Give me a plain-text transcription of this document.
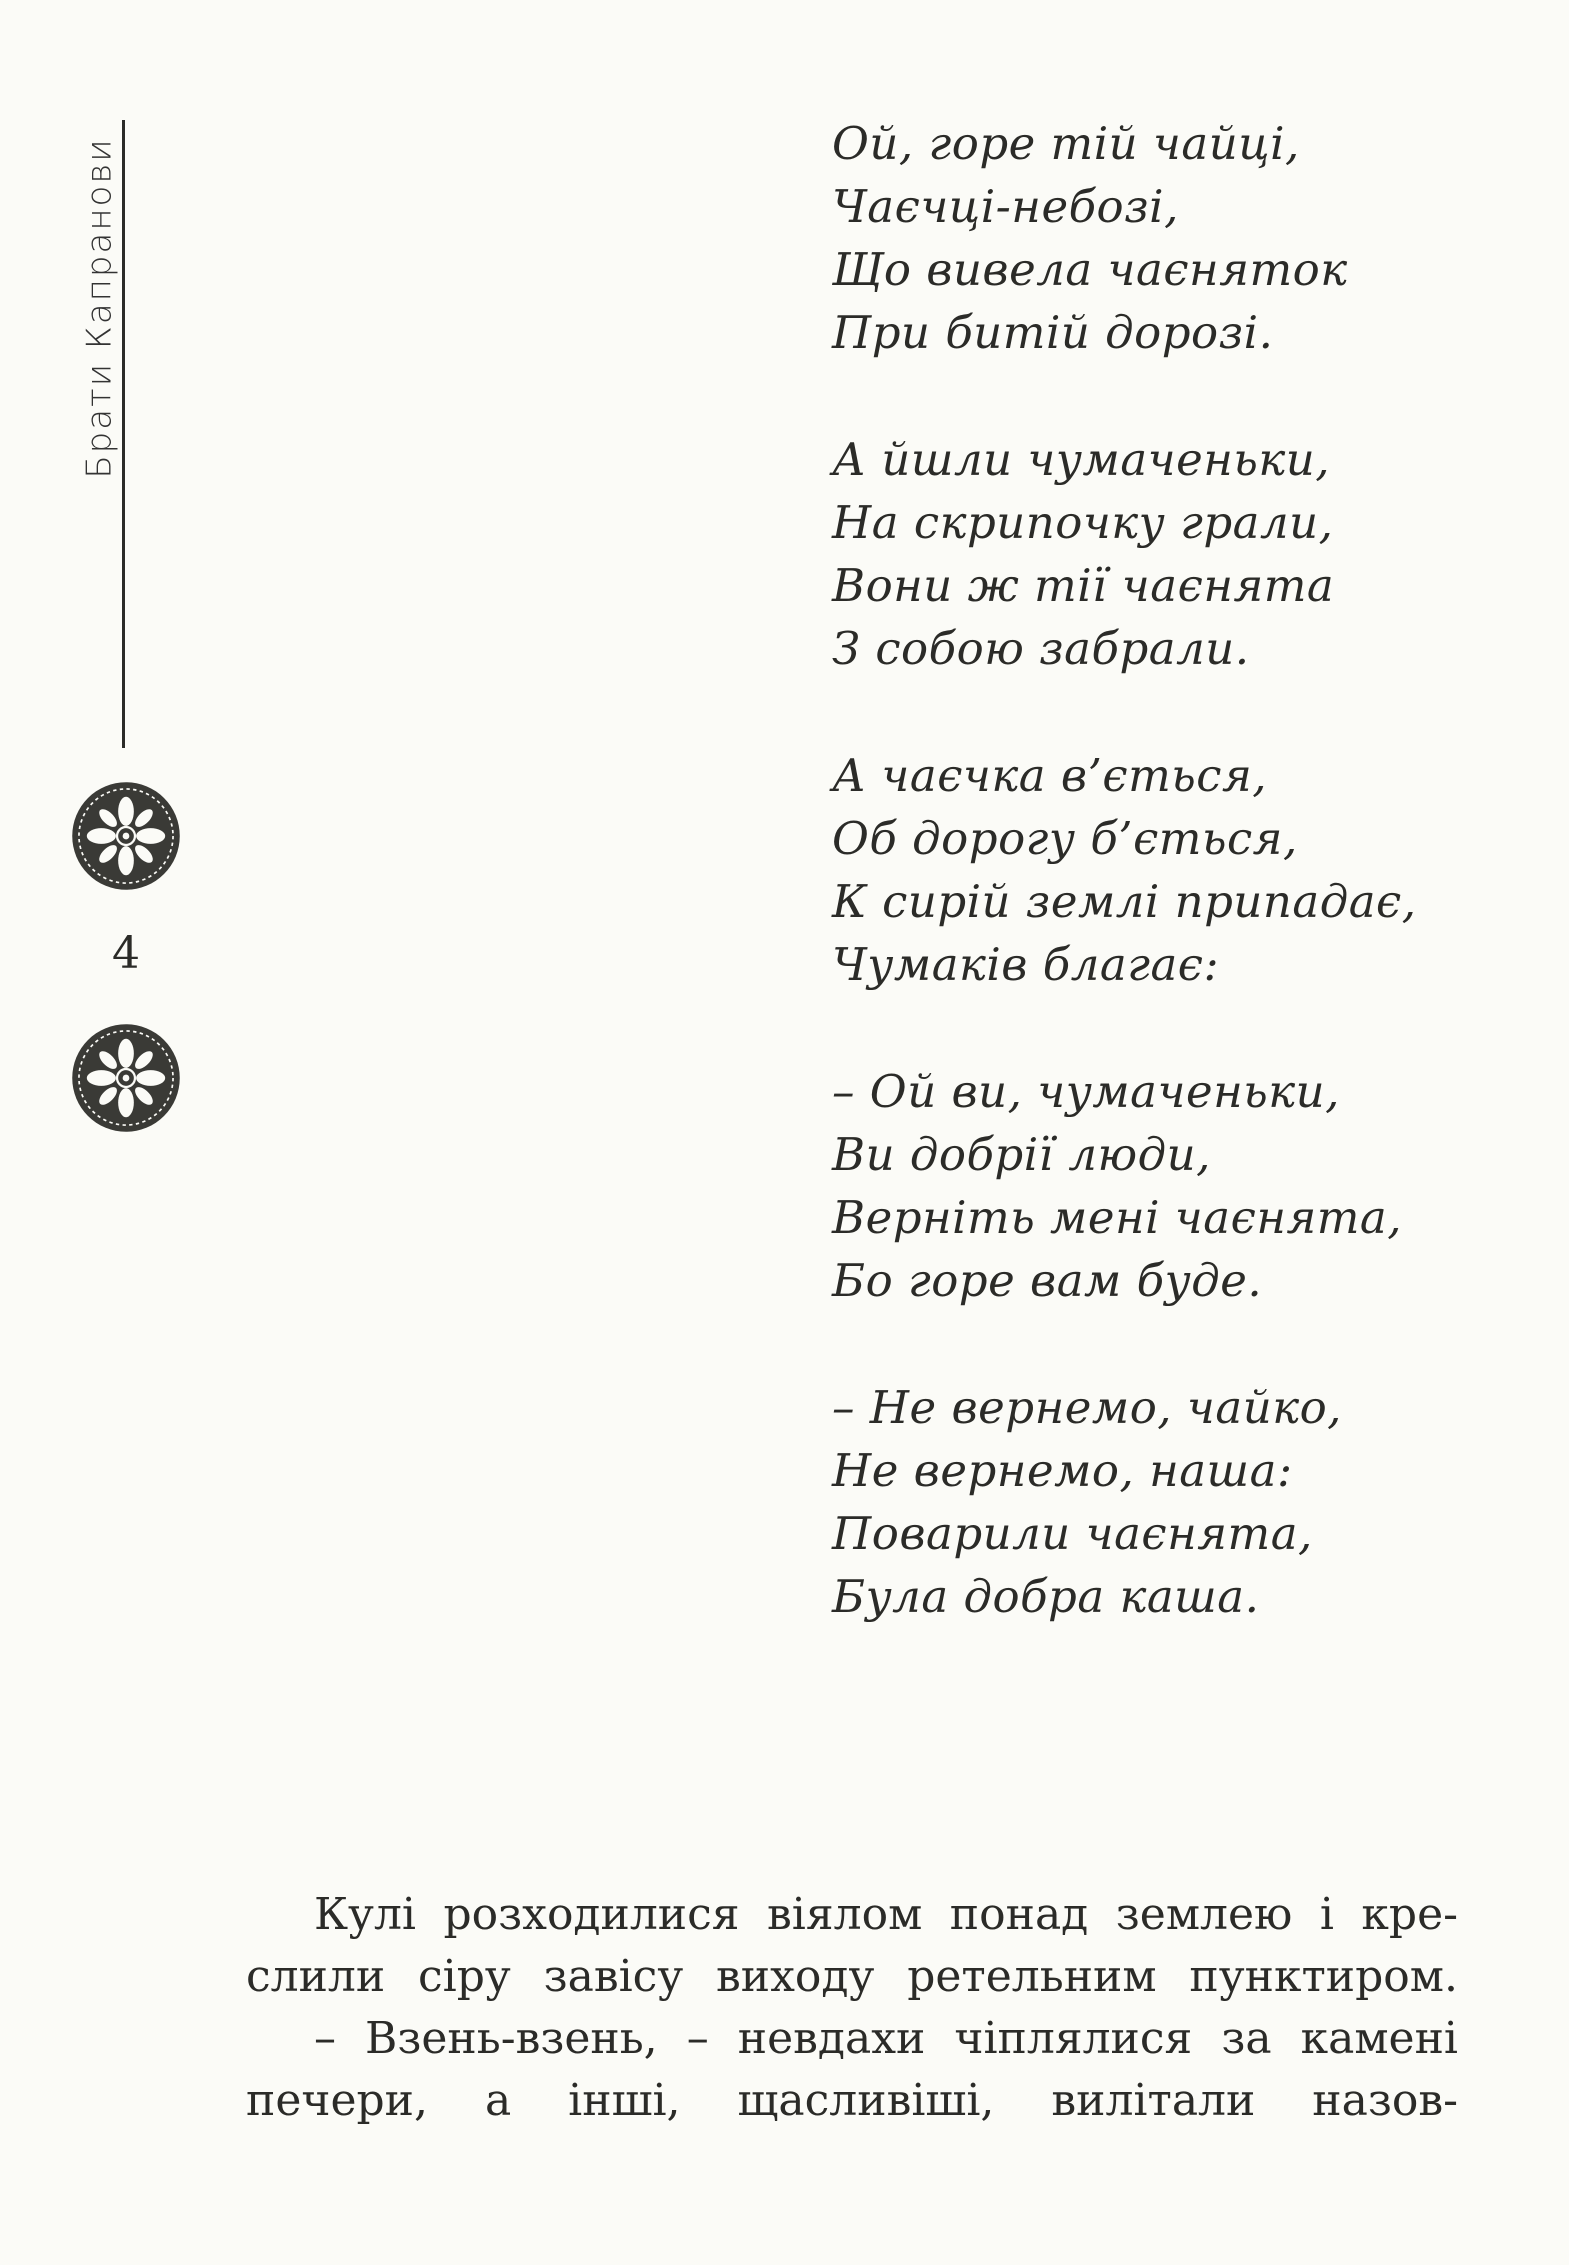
Брати Капранови
4
Ой, горе тій чайці,
Чаєчці-небозі,
Що вивела чаєняток
При битій дорозі.
А йшли чумаченьки,
На скрипочку грали,
Вони ж тії чаєнята
З собою забрали.
А чаєчка в’ється,
Об дорогу б’ється,
К сирій землі припадає,
Чумаків благає:
– Ой ви, чумаченьки,
Ви добрії люди,
Верніть мені чаєнята,
Бо горе вам буде.
– Не вернемо, чайко,
Не вернемо, наша:
Поварили чаєнята,
Була добра каша.
Кулі розходилися віялом понад землею і кре-
слили сіру завісу виходу ретельним пунктиром.
– Взень-взень, – невдахи чіплялися за камені
печери, а інші, щасливіші, вилітали назов-
